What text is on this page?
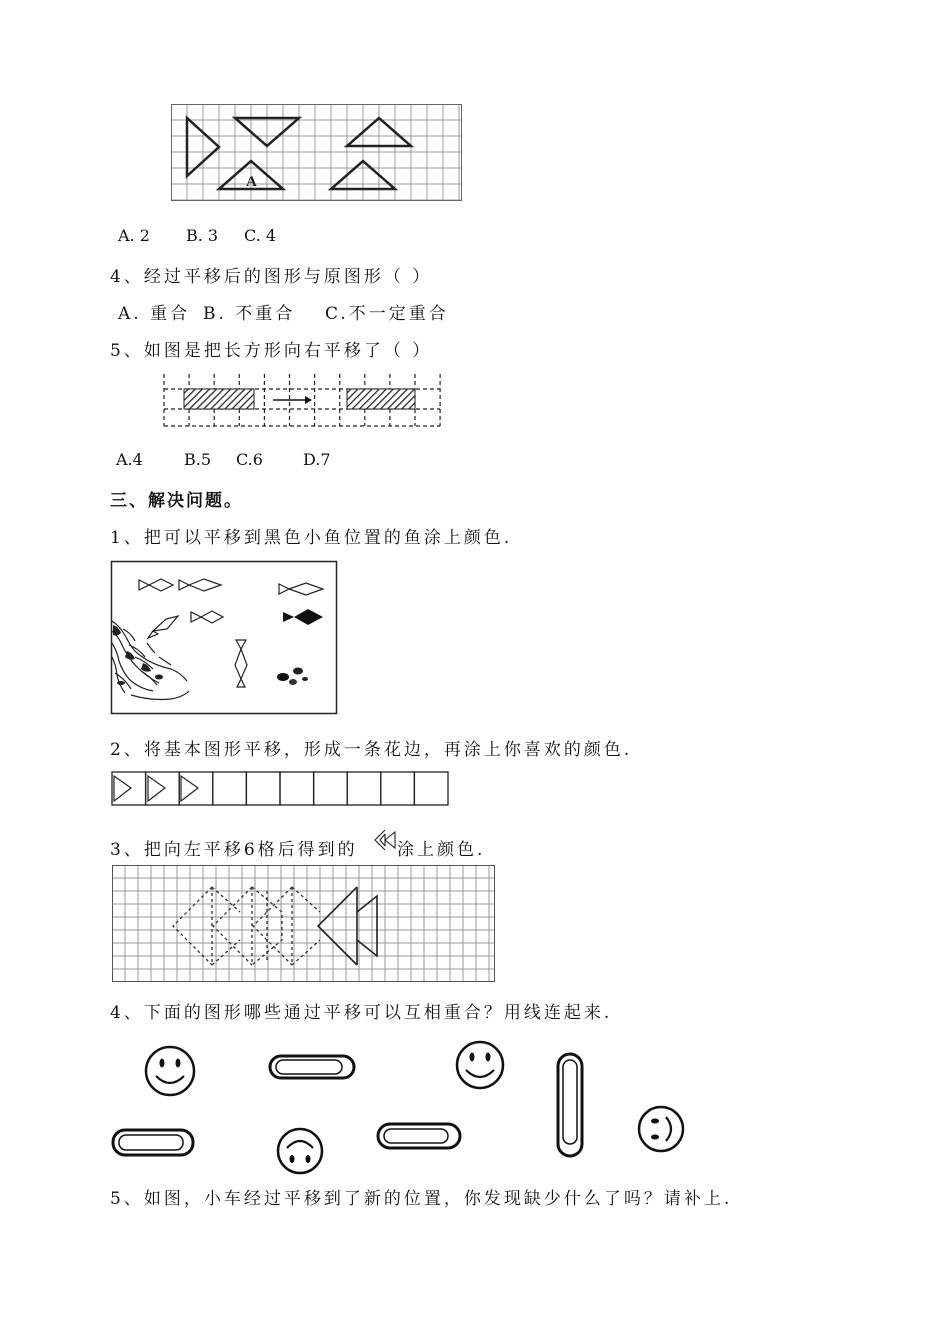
A
A. 2 B. 3 C. 4
4、经过平移后的图形与原图形（ ）
A. 重合 B. 不重合 C.不一定重合
5、如图是把长方形向右平移了（ ）
A.4	B.5 C.6	D.7
三、解决问题。
1、把可以平移到黑色小鱼位置的鱼涂上颜色.
2、将基本图形平移，形成一条花边，再涂上你喜欢的颜色.
3、把向左平移6格后得到的 涂上颜色.
4、下面的图形哪些通过平移可以互相重合？用线连起来.
5、如图，小车经过平移到了新的位置，你发现缺少什么了吗？请补上.
